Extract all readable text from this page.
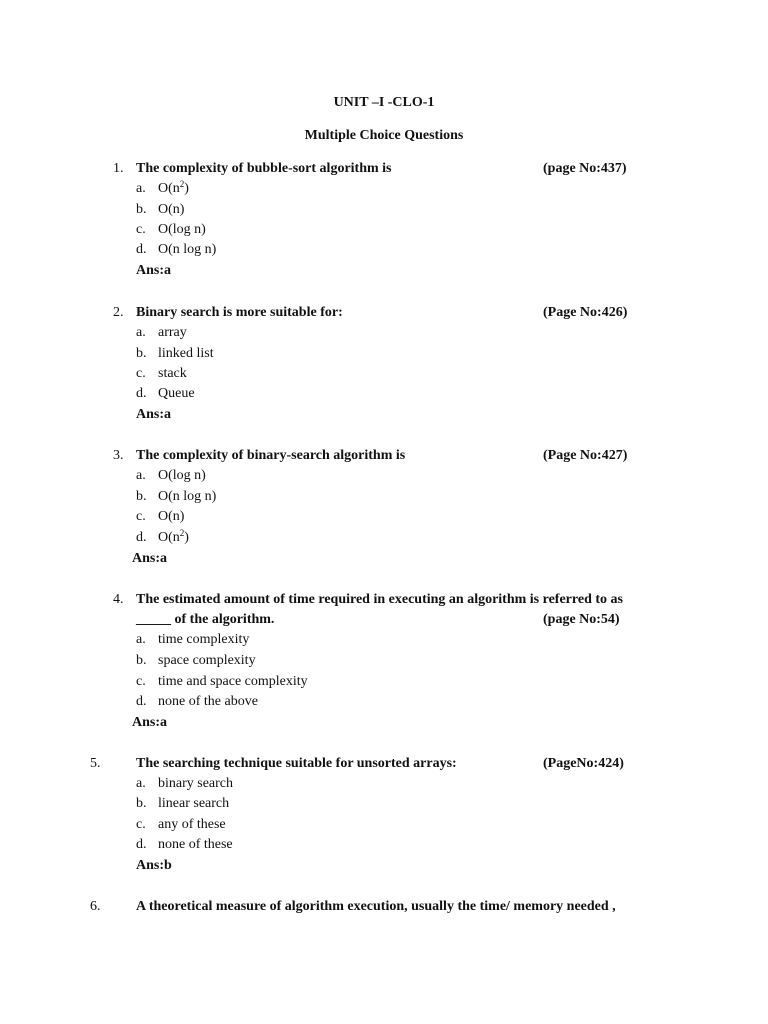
UNIT –I -CLO-1
Multiple Choice Questions
1. The complexity of bubble-sort algorithm is	(page No:437)
a. $O(n^2)$
b. O(n)
c. O(log n)
d. O(n log n)
Ans:a
2. Binary search is more suitable for:	(Page No:426)
a. array
b. linked list
c. stack
d. Queue
Ans:a
3. The complexity of binary-search algorithm is	(Page No:427)
a. O(log n)
b. O(n log n)
c. O(n)
d. $O(n^2)$
Ans:a
4. The estimated amount of time required in executing an algorithm is referred to as
_____ of the algorithm.	(page No:54)
a. time complexity
b. space complexity
c. time and space complexity
d. none of the above
Ans:a
5.	The searching technique suitable for unsorted arrays:	(PageNo:424)
a. binary search
b. linear search
c. any of these
d. none of these
Ans:b
6.	A theoretical measure of algorithm execution, usually the time/ memory needed ,
